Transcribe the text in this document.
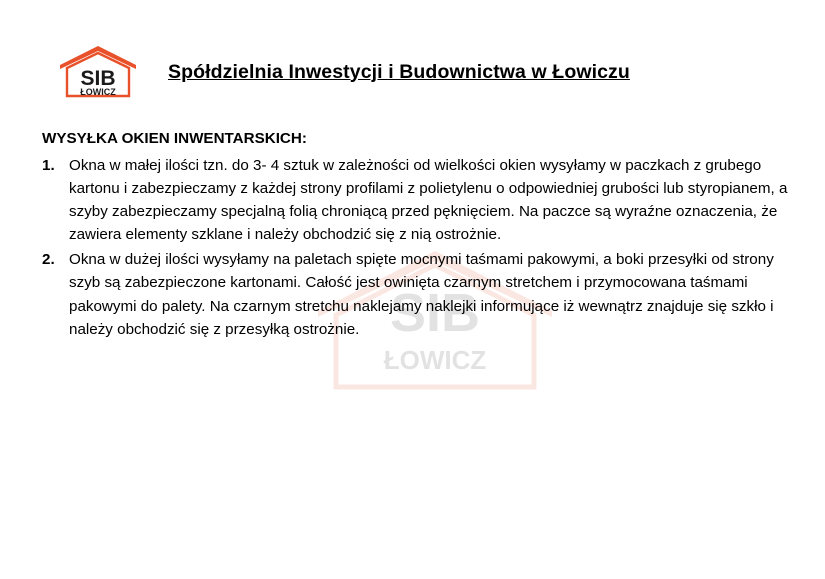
SIB
ŁOWICZ
SIB
ŁOWICZ
Spółdzielnia Inwestycji i Budownictwa w Łowiczu
WYSYŁKA OKIEN INWENTARSKICH:
1. Okna w małej ilości tzn. do 3- 4 sztuk w zależności od wielkości okien wysyłamy w paczkach z grubego kartonu i zabezpieczamy z każdej strony profilami z polietylenu o odpowiedniej grubości lub styropianem, a szyby zabezpieczamy specjalną folią chroniącą przed pęknięciem. Na paczce są wyraźne oznaczenia, że zawiera elementy szklane i należy obchodzić się z nią ostrożnie.
2. Okna w dużej ilości wysyłamy na paletach spięte mocnymi taśmami pakowymi, a boki przesyłki od strony szyb są zabezpieczone kartonami. Całość jest owinięta czarnym stretchem i przymocowana taśmami pakowymi do palety. Na czarnym stretchu naklejamy naklejki informujące iż wewnątrz znajduje się szkło i należy obchodzić się z przesyłką ostrożnie.
